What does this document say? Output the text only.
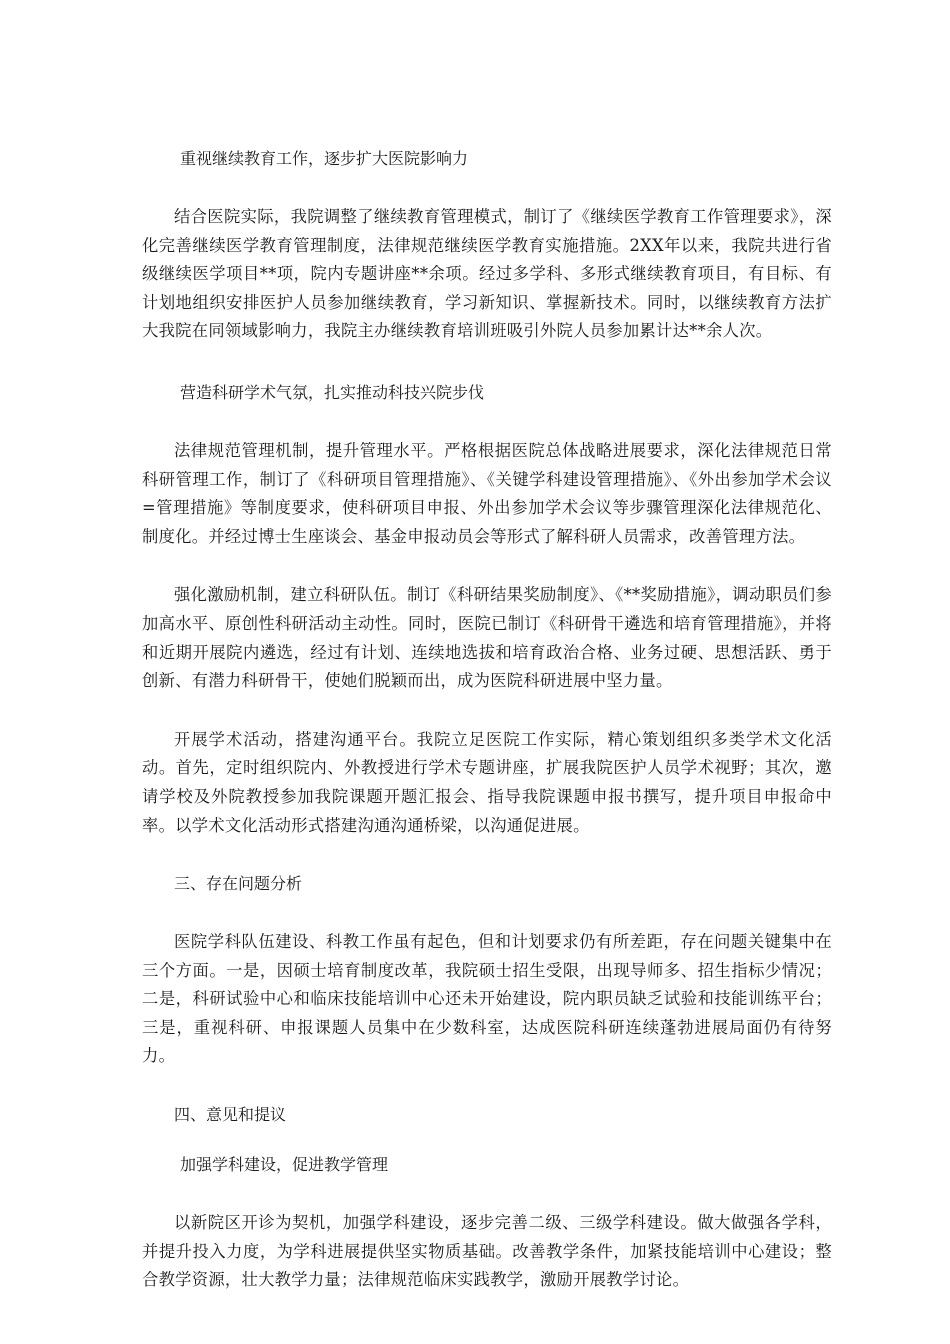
重视继续教育工作，逐步扩大医院影响力

结合医院实际，我院调整了继续教育管理模式，制订了《继续医学教育工作管理要求》，深化完善继续医学教育管理制度，法律规范继续医学教育实施措施。2XX年以来，我院共进行省级继续医学项目**项，院内专题讲座**余项。经过多学科、多形式继续教育项目，有目标、有计划地组织安排医护人员参加继续教育，学习新知识、掌握新技术。同时，以继续教育方法扩大我院在同领域影响力，我院主办继续教育培训班吸引外院人员参加累计达**余人次。

营造科研学术气氛，扎实推动科技兴院步伐

法律规范管理机制，提升管理水平。严格根据医院总体战略进展要求，深化法律规范日常科研管理工作，制订了《科研项目管理措施》、《关键学科建设管理措施》、《外出参加学术会议=管理措施》等制度要求，使科研项目申报、外出参加学术会议等步骤管理深化法律规范化、制度化。并经过博士生座谈会、基金申报动员会等形式了解科研人员需求，改善管理方法。

强化激励机制，建立科研队伍。制订《科研结果奖励制度》、《**奖励措施》，调动职员们参加高水平、原创性科研活动主动性。同时，医院已制订《科研骨干遴选和培育管理措施》，并将和近期开展院内遴选，经过有计划、连续地选拔和培育政治合格、业务过硬、思想活跃、勇于创新、有潜力科研骨干，使她们脱颖而出，成为医院科研进展中坚力量。

开展学术活动，搭建沟通平台。我院立足医院工作实际，精心策划组织多类学术文化活动。首先，定时组织院内、外教授进行学术专题讲座，扩展我院医护人员学术视野；其次，邀请学校及外院教授参加我院课题开题汇报会、指导我院课题申报书撰写，提升项目申报命中率。以学术文化活动形式搭建沟通沟通桥梁，以沟通促进展。

三、存在问题分析

医院学科队伍建设、科教工作虽有起色，但和计划要求仍有所差距，存在问题关键集中在三个方面。一是，因硕士培育制度改革，我院硕士招生受限，出现导师多、招生指标少情况；二是，科研试验中心和临床技能培训中心还未开始建设，院内职员缺乏试验和技能训练平台；三是，重视科研、申报课题人员集中在少数科室，达成医院科研连续蓬勃进展局面仍有待努力。

四、意见和提议

加强学科建设，促进教学管理

以新院区开诊为契机，加强学科建设，逐步完善二级、三级学科建设。做大做强各学科，并提升投入力度，为学科进展提供坚实物质基础。改善教学条件，加紧技能培训中心建设；整合教学资源，壮大教学力量；法律规范临床实践教学，激励开展教学讨论。
